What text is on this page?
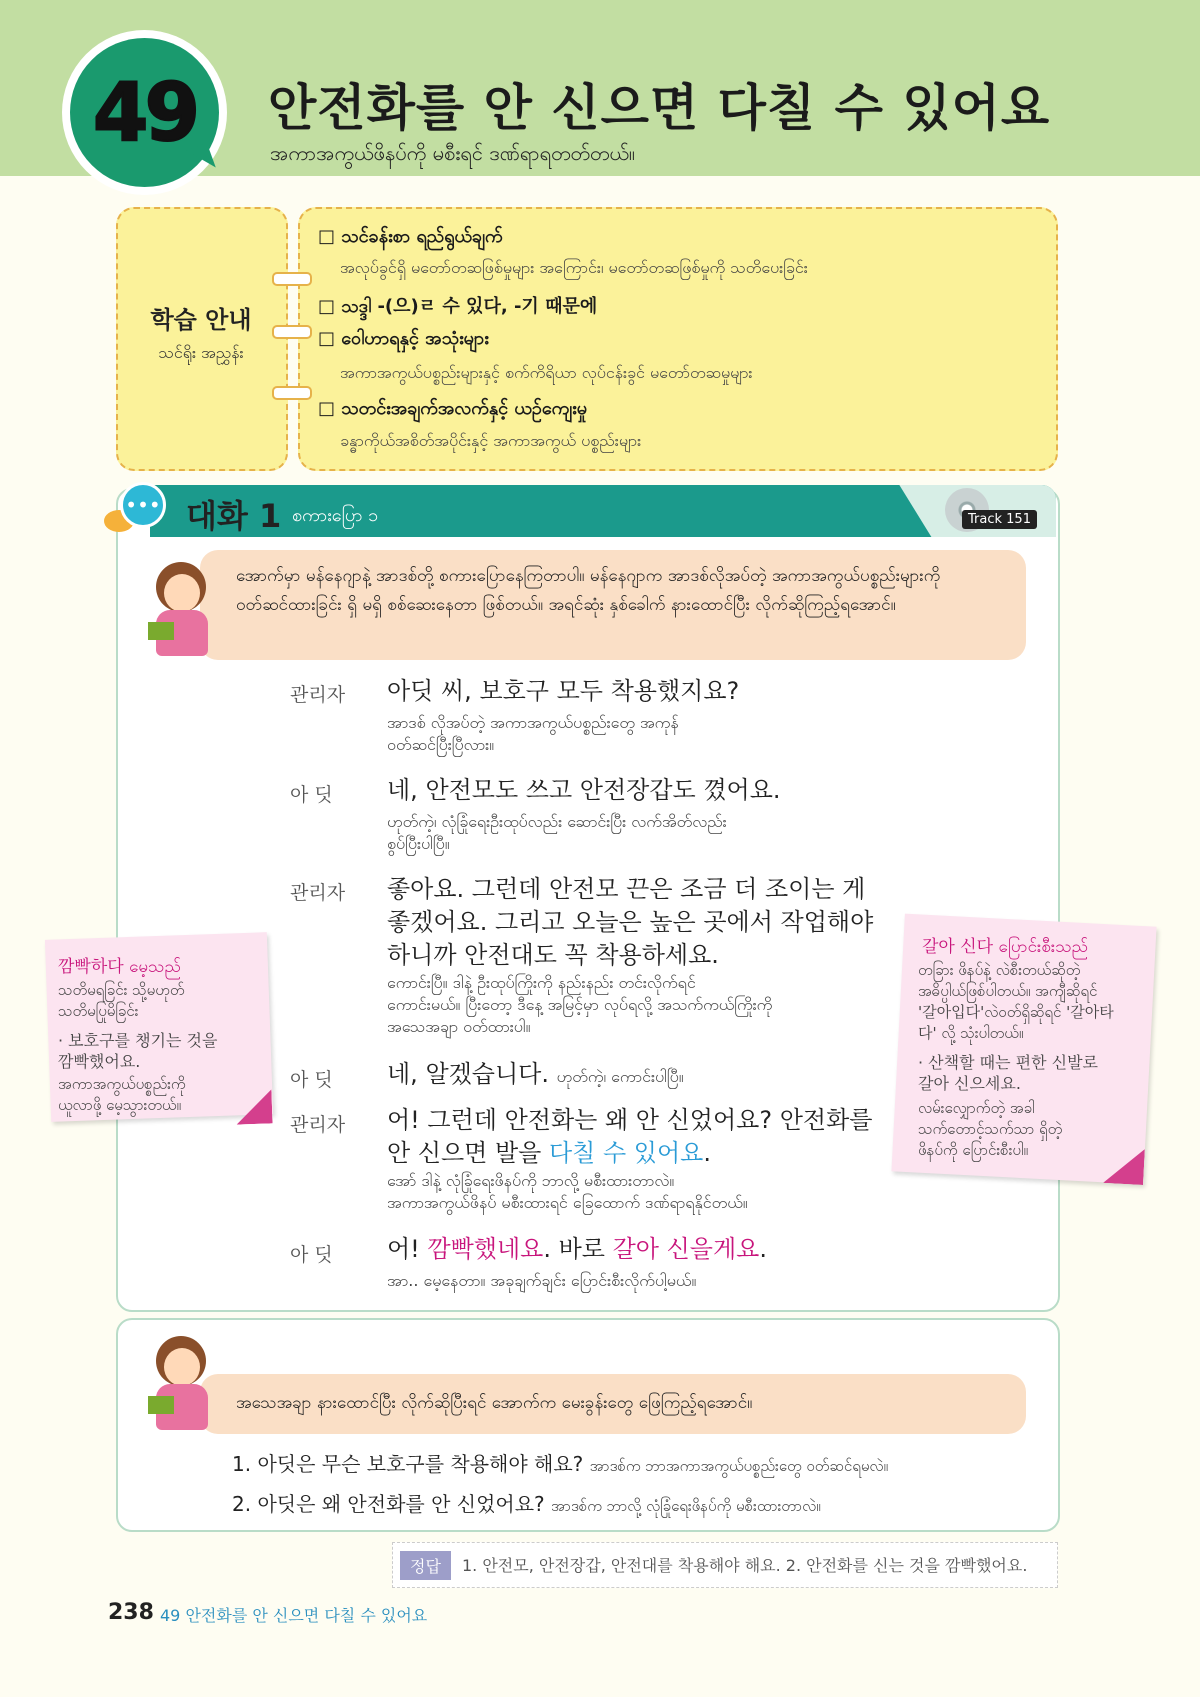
49 안전화를 안 신으면 다칠 수 있어요
အကာအကွယ်ဖိနပ်ကို မစီးရင် ဒဏ်ရာရတတ်တယ်။
학습 안내
သင်ရိုး အညွှန်း
□ သင်ခန်းစာ ရည်ရွယ်ချက်
အလုပ်ခွင်ရှိ မတော်တဆဖြစ်မှုများ အကြောင်း၊ မတော်တဆဖြစ်မှုကို သတိပေးခြင်း
□ သဒ္ဒါ -(으)ㄹ 수 있다, -기 때문에
□ ဝေါဟာရနှင့် အသုံးများ
အကာအကွယ်ပစ္စည်းများနှင့် စက်ကိရိယာ လုပ်ငန်းခွင် မတော်တဆမှုများ
□ သတင်းအချက်အလက်နှင့် ယဉ်ကျေးမှု
ခန္ဓာကိုယ်အစိတ်အပိုင်းနှင့် အကာအကွယ် ပစ္စည်းများ
••• 대화 1 စကားပြော ၁	Track 151
အောက်မှာ မန်နေဂျာနဲ့ အာဒစ်တို့ စကားပြောနေကြတာပါ။ မန်နေဂျာက အာဒစ်လိုအပ်တဲ့ အကာအကွယ်ပစ္စည်းများကို ဝတ်ဆင်ထားခြင်း ရှိ မရှိ စစ်ဆေးနေတာ ဖြစ်တယ်။ အရင်ဆုံး နှစ်ခေါက် နားထောင်ပြီး လိုက်ဆိုကြည့်ရအောင်။
관리자 아딧 씨, 보호구 모두 착용했지요?
အာဒစ် လိုအပ်တဲ့ အကာအကွယ်ပစ္စည်းတွေ အကုန်
ဝတ်ဆင်ပြီးပြီလား။
아 딧 네, 안전모도 쓰고 안전장갑도 꼈어요.
ဟုတ်ကဲ့၊ လုံခြုံရေးဦးထုပ်လည်း ဆောင်းပြီး လက်အိတ်လည်း
စွပ်ပြီးပါပြီ။
관리자 좋아요. 그런데 안전모 끈은 조금 더 조이는 게
좋겠어요. 그리고 오늘은 높은 곳에서 작업해야
하니까 안전대도 꼭 착용하세요.
ကောင်းပြီ။ ဒါနဲ့ ဦးထုပ်ကြိုးကို နည်းနည်း တင်းလိုက်ရင်
ကောင်းမယ်။ ပြီးတော့ ဒီနေ့ အမြင့်မှာ လုပ်ရလို့ အသက်ကယ်ကြိုးကို
အသေအချာ ဝတ်ထားပါ။
아 딧 네, 알겠습니다. ဟုတ်ကဲ့၊ ကောင်းပါပြီ။
관리자 어! 그런데 안전화는 왜 안 신었어요? 안전화를
안 신으면 발을 다칠 수 있어요.
အော် ဒါနဲ့ လုံခြုံရေးဖိနပ်ကို ဘာလို့ မစီးထားတာလဲ။
အကာအကွယ်ဖိနပ် မစီးထားရင် ခြေထောက် ဒဏ်ရာရနိုင်တယ်။
아 딧 어! 깜빡했네요. 바로 갈아 신을게요.
အာ.. မေ့နေတာ။ အခုချက်ချင်း ပြောင်းစီးလိုက်ပါ့မယ်။
깜빡하다 မေ့သည်
သတိမရခြင်း သို့မဟုတ်
သတိမပြုမိခြင်း
· 보호구를 챙기는 것을
깜빡했어요.
အကာအကွယ်ပစ္စည်းကို
ယူလာဖို့ မေ့သွားတယ်။
갈아 신다 ပြောင်းစီးသည်
တခြား ဖိနပ်နဲ့ လဲစီးတယ်ဆိုတဲ့
အဓိပ္ပါယ်ဖြစ်ပါတယ်။ အကျီဆိုရင်
'갈아입다'လဲဝတ်ရှိဆိုရင် '갈아타
다' လို့ သုံးပါတယ်။
· 산책할 때는 편한 신발로
갈아 신으세요.
လမ်းလျှောက်တဲ့ အခါ
သက်တောင့်သက်သာ ရှိတဲ့
ဖိနပ်ကို ပြောင်းစီးပါ။
အသေအချာ နားထောင်ပြီး လိုက်ဆိုပြီးရင် အောက်က မေးခွန်းတွေ ဖြေကြည့်ရအောင်။
1. 아딧은 무슨 보호구를 착용해야 해요? အာဒစ်က ဘာအကာအကွယ်ပစ္စည်းတွေ ဝတ်ဆင်ရမလဲ။
2. 아딧은 왜 안전화를 안 신었어요? အာဒစ်က ဘာလို့ လုံခြုံရေးဖိနပ်ကို မစီးထားတာလဲ။
정답	1. 안전모, 안전장갑, 안전대를 착용해야 해요. 2. 안전화를 신는 것을 깜빡했어요.
238 49 안전화를 안 신으면 다칠 수 있어요
